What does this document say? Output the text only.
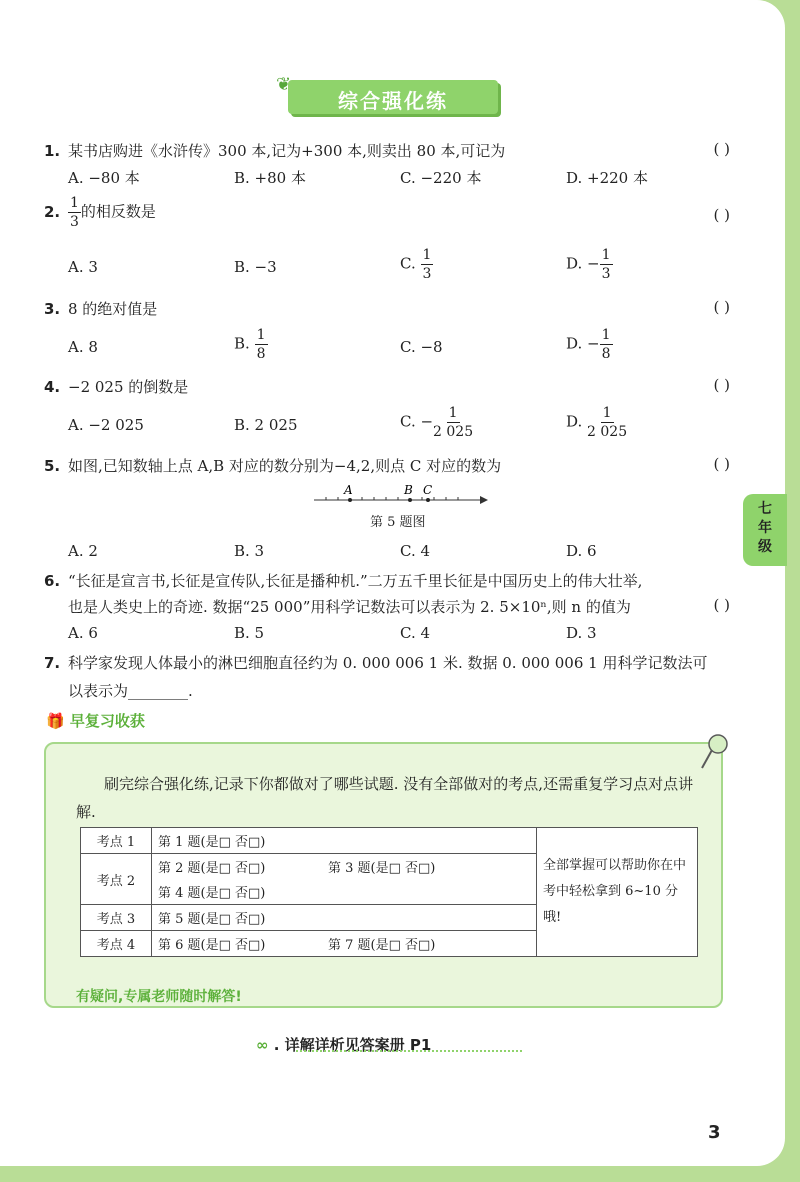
❦
综合强化练
1. 某书店购进《水浒传》300 本,记为+300 本,则卖出 80 本,可记为	( )
A. −80 本	B. +80 本	C. −220 本	D. +220 本
2. $\frac{1}{3}$ 的相反数是	( )
A. 3	B. −3	C. $\frac{1}{3}$	D. − $\frac{1}{3}$
3. 8 的绝对值是	( )
A. 8	B. $\frac{1}{8}$	C. −8	D. − $\frac{1}{8}$
4. −2 025 的倒数是	( )
A. −2 025	B. 2 025	C. − $\frac{1}{2 025}$	D. $\frac{1}{2 025}$
5. 如图,已知数轴上点 A,B 对应的数分别为−4,2,则点 C 对应的数为	( )
A	B C
第 5 题图
A. 2	B. 3	C. 4	D. 6
6. “长征是宣言书,长征是宣传队,长征是播种机.”二万五千里长征是中国历史上的伟大壮举,
也是人类史上的奇迹. 数据“25 000”用科学记数法可以表示为 2. 5×10ⁿ,则 n 的值为	( )
A. 6	B. 5	C. 4	D. 3
7. 科学家发现人体最小的淋巴细胞直径约为 0. 000 006 1 米. 数据 0. 000 006 1 用科学记数法可
以表示为________.
七年级
🎁 早复习收获
刷完综合强化练,记录下你都做对了哪些试题. 没有全部做对的考点,还需重复学习点对点讲解.
考点 1	第 1 题(是□ 否□)		全部掌握可以帮助你在中考中轻松拿到 6~10 分哦!
考点 2	第 2 题(是□ 否□)	第 3 题(是□ 否□)	
	第 4 题(是□ 否□)		
考点 3	第 5 题(是□ 否□)		
考点 4	第 6 题(是□ 否□)	第 7 题(是□ 否□)	
有疑问,专属老师随时解答!
∞ . 详解详析见答案册 P1
3
